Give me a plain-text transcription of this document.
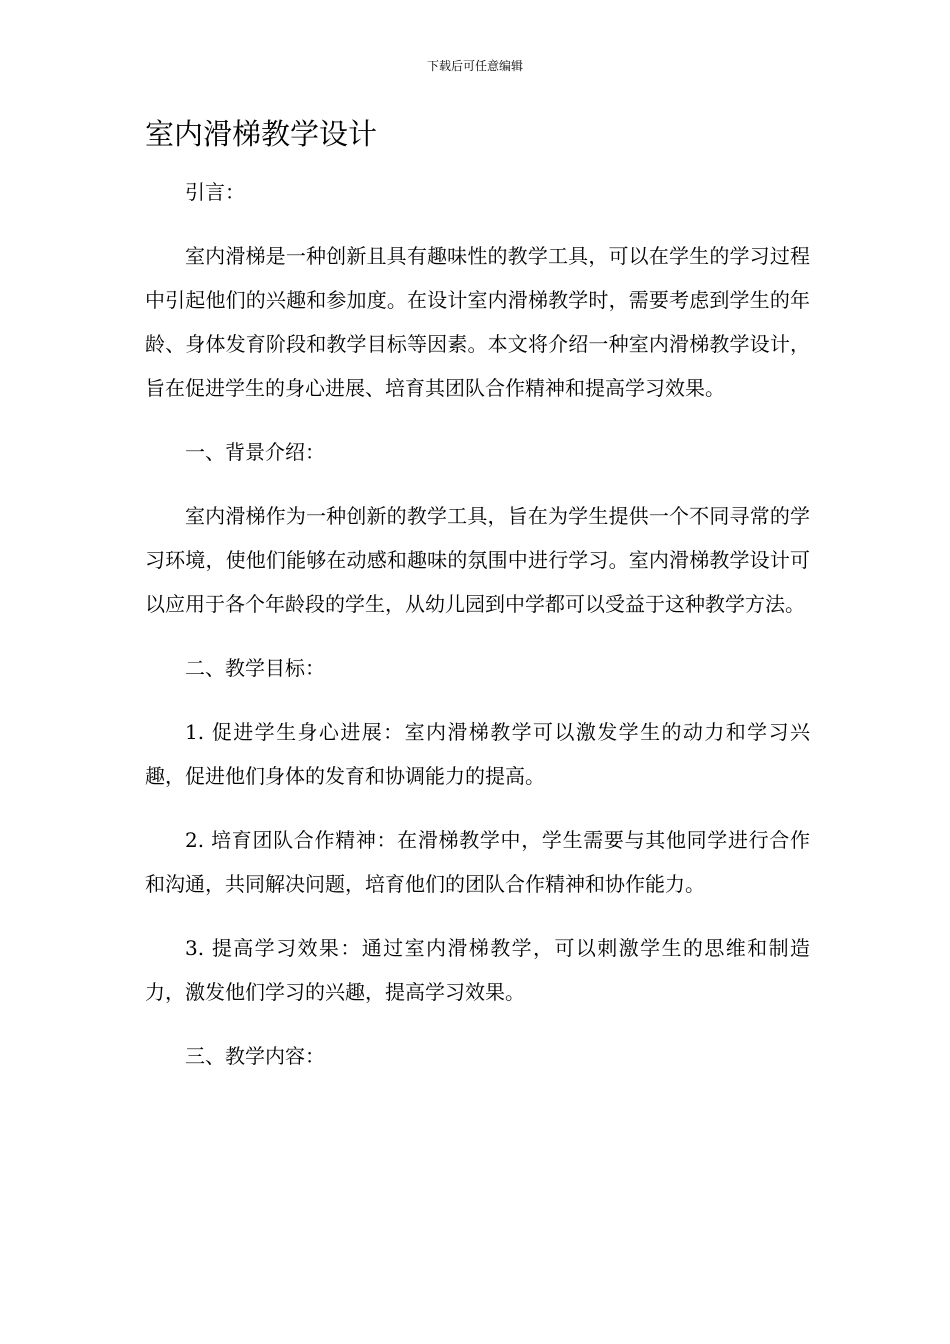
下载后可任意编辑
室内滑梯教学设计

引言：

室内滑梯是一种创新且具有趣味性的教学工具，可以在学生的学习过程中引起他们的兴趣和参加度。在设计室内滑梯教学时，需要考虑到学生的年龄、身体发育阶段和教学目标等因素。本文将介绍一种室内滑梯教学设计，旨在促进学生的身心进展、培育其团队合作精神和提高学习效果。

一、背景介绍：

室内滑梯作为一种创新的教学工具，旨在为学生提供一个不同寻常的学习环境，使他们能够在动感和趣味的氛围中进行学习。室内滑梯教学设计可以应用于各个年龄段的学生，从幼儿园到中学都可以受益于这种教学方法。

二、教学目标：

1. 促进学生身心进展：室内滑梯教学可以激发学生的动力和学习兴趣，促进他们身体的发育和协调能力的提高。

2. 培育团队合作精神：在滑梯教学中，学生需要与其他同学进行合作和沟通，共同解决问题，培育他们的团队合作精神和协作能力。

3. 提高学习效果：通过室内滑梯教学，可以刺激学生的思维和制造力，激发他们学习的兴趣，提高学习效果。

三、教学内容：
